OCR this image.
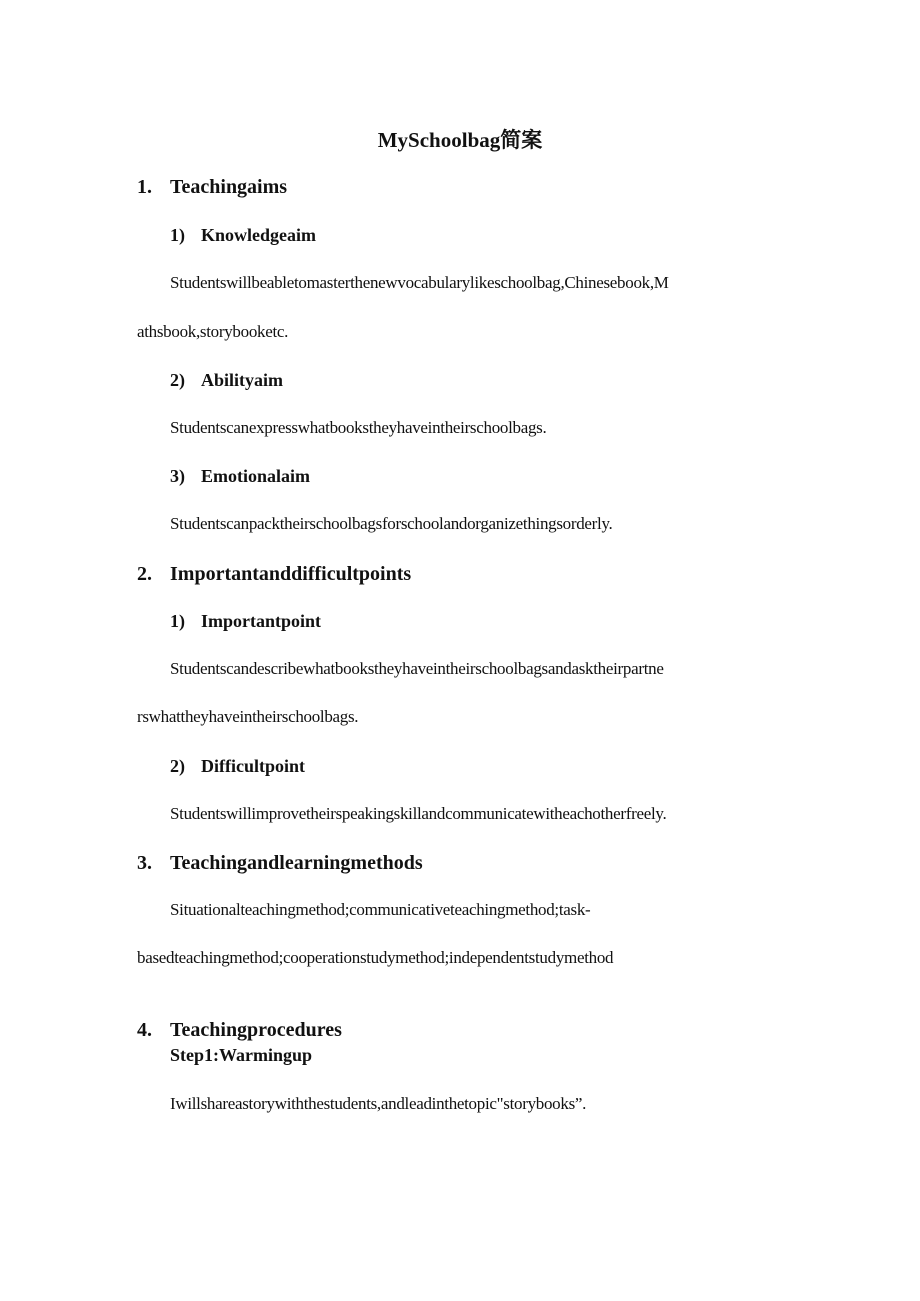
MySchoolbag简案
1. Teachingaims
1) Knowledgeaim

Studentswillbeabletomasterthenewvocabularylikeschoolbag,Chinesebook,M

athsbook,storybooketc.

2) Abilityaim

Studentscanexpresswhatbookstheyhaveintheirschoolbags.

3) Emotionalaim

Studentscanpacktheirschoolbagsforschoolandorganizethingsorderly.

2. Importantanddifficultpoints
1) Importantpoint

Studentscandescribewhatbookstheyhaveintheirschoolbagsandasktheirpartne

rswhattheyhaveintheirschoolbags.

2) Difficultpoint

Studentswillimprovetheirspeakingskillandcommunicatewitheachotherfreely.

3. Teachingandlearningmethods

Situationalteachingmethod;communicativeteachingmethod;task-

basedteachingmethod;cooperationstudymethod;independentstudymethod

4. Teachingprocedures
Step1:Warmingup

Iwillshareastorywiththestudents,andleadinthetopic"storybooks”.
